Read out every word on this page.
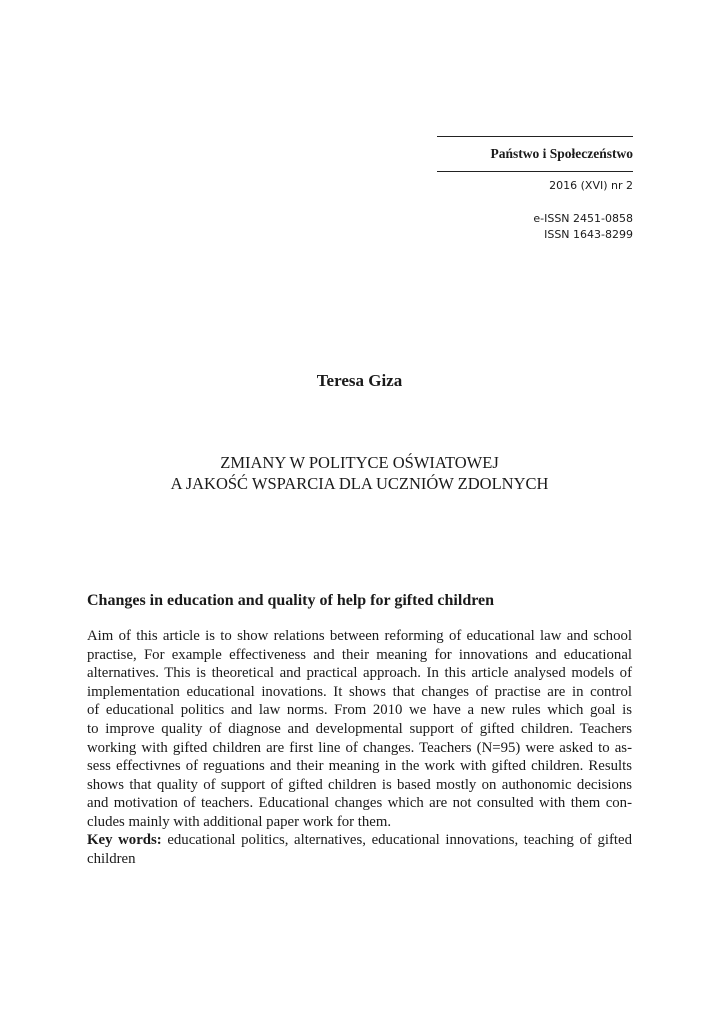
Państwo i Społeczeństwo
2016 (XVI) nr 2
e-ISSN 2451-0858
ISSN 1643-8299
Teresa Giza
ZMIANY W POLITYCE OŚWIATOWEJ
A JAKOŚĆ WSPARCIA DLA UCZNIÓW ZDOLNYCH
Changes in education and quality of help for gifted children
Aim of this article is to show relations between reforming of educational law and school
practise, For example effectiveness and their meaning for innovations and educational
alternatives. This is theoretical and practical approach. In this article analysed models of
implementation educational inovations. It shows that changes of practise are in control
of educational politics and law norms. From 2010 we have a new rules which goal is
to improve quality of diagnose and developmental support of gifted children. Teachers
working with gifted children are first line of changes. Teachers (N=95) were asked to as-
sess effectivnes of reguations and their meaning in the work with gifted children. Results
shows that quality of support of gifted children is based mostly on authonomic decisions
and motivation of teachers. Educational changes which are not consulted with them con-
cludes mainly with additional paper work for them.
Key words: educational politics, alternatives, educational innovations, teaching of gifted
children
